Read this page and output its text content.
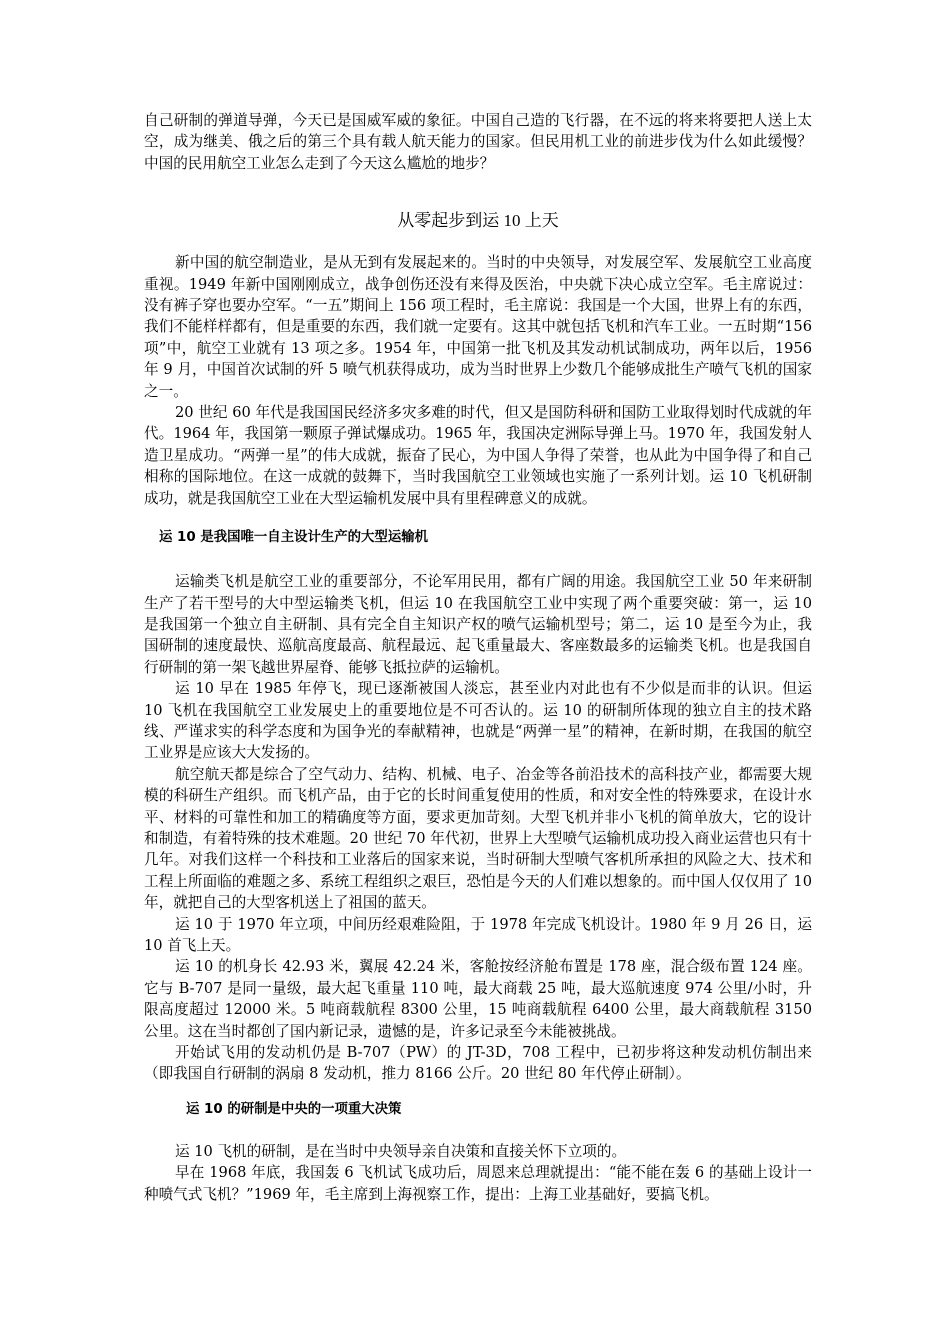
自己研制的弹道导弹，今天已是国威军威的象征。中国自己造的飞行器，在不远的将来将要把人送上太空，成为继美、俄之后的第三个具有载人航天能力的国家。但民用机工业的前进步伐为什么如此缓慢？中国的民用航空工业怎么走到了今天这么尴尬的地步？

从零起步到运 10 上天

新中国的航空制造业，是从无到有发展起来的。当时的中央领导，对发展空军、发展航空工业高度重视。1949 年新中国刚刚成立，战争创伤还没有来得及医治，中央就下决心成立空军。毛主席说过：没有裤子穿也要办空军。“一五”期间上 156 项工程时，毛主席说：我国是一个大国，世界上有的东西，我们不能样样都有，但是重要的东西，我们就一定要有。这其中就包括飞机和汽车工业。一五时期“156 项”中，航空工业就有 13 项之多。1954 年，中国第一批飞机及其发动机试制成功，两年以后，1956 年 9 月，中国首次试制的歼 5 喷气机获得成功，成为当时世界上少数几个能够成批生产喷气飞机的国家之一。

20 世纪 60 年代是我国国民经济多灾多难的时代，但又是国防科研和国防工业取得划时代成就的年代。1964 年，我国第一颗原子弹试爆成功。1965 年，我国决定洲际导弹上马。1970 年，我国发射人造卫星成功。“两弹一星”的伟大成就，振奋了民心，为中国人争得了荣誉，也从此为中国争得了和自己相称的国际地位。在这一成就的鼓舞下，当时我国航空工业领域也实施了一系列计划。运 10 飞机研制成功，就是我国航空工业在大型运输机发展中具有里程碑意义的成就。

运 10 是我国唯一自主设计生产的大型运输机

运输类飞机是航空工业的重要部分，不论军用民用，都有广阔的用途。我国航空工业 50 年来研制生产了若干型号的大中型运输类飞机，但运 10 在我国航空工业中实现了两个重要突破：第一，运 10 是我国第一个独立自主研制、具有完全自主知识产权的喷气运输机型号；第二，运 10 是至今为止，我国研制的速度最快、巡航高度最高、航程最远、起飞重量最大、客座数最多的运输类飞机。也是我国自行研制的第一架飞越世界屋脊、能够飞抵拉萨的运输机。

运 10 早在 1985 年停飞，现已逐渐被国人淡忘，甚至业内对此也有不少似是而非的认识。但运 10 飞机在我国航空工业发展史上的重要地位是不可否认的。运 10 的研制所体现的独立自主的技术路线、严谨求实的科学态度和为国争光的奉献精神，也就是“两弹一星”的精神，在新时期，在我国的航空工业界是应该大大发扬的。

航空航天都是综合了空气动力、结构、机械、电子、冶金等各前沿技术的高科技产业，都需要大规模的科研生产组织。而飞机产品，由于它的长时间重复使用的性质，和对安全性的特殊要求，在设计水平、材料的可靠性和加工的精确度等方面，要求更加苛刻。大型飞机并非小飞机的简单放大，它的设计和制造，有着特殊的技术难题。20 世纪 70 年代初，世界上大型喷气运输机成功投入商业运营也只有十几年。对我们这样一个科技和工业落后的国家来说，当时研制大型喷气客机所承担的风险之大、技术和工程上所面临的难题之多、系统工程组织之艰巨，恐怕是今天的人们难以想象的。而中国人仅仅用了 10 年，就把自己的大型客机送上了祖国的蓝天。

运 10 于 1970 年立项，中间历经艰难险阻，于 1978 年完成飞机设计。1980 年 9 月 26 日，运 10 首飞上天。

运 10 的机身长 42.93 米，翼展 42.24 米，客舱按经济舱布置是 178 座，混合级布置 124 座。它与 B-707 是同一量级，最大起飞重量 110 吨，最大商载 25 吨，最大巡航速度 974 公里/小时，升限高度超过 12000 米。5 吨商载航程 8300 公里，15 吨商载航程 6400 公里，最大商载航程 3150 公里。这在当时都创了国内新记录，遗憾的是，许多记录至今未能被挑战。

开始试飞用的发动机仍是 B-707（PW）的 JT-3D，708 工程中，已初步将这种发动机仿制出来（即我国自行研制的涡扇 8 发动机，推力 8166 公斤。20 世纪 80 年代停止研制）。

运 10 的研制是中央的一项重大决策

运 10 飞机的研制，是在当时中央领导亲自决策和直接关怀下立项的。

早在 1968 年底，我国轰 6 飞机试飞成功后，周恩来总理就提出：“能不能在轰 6 的基础上设计一种喷气式飞机？”1969 年，毛主席到上海视察工作，提出：上海工业基础好，要搞飞机。
